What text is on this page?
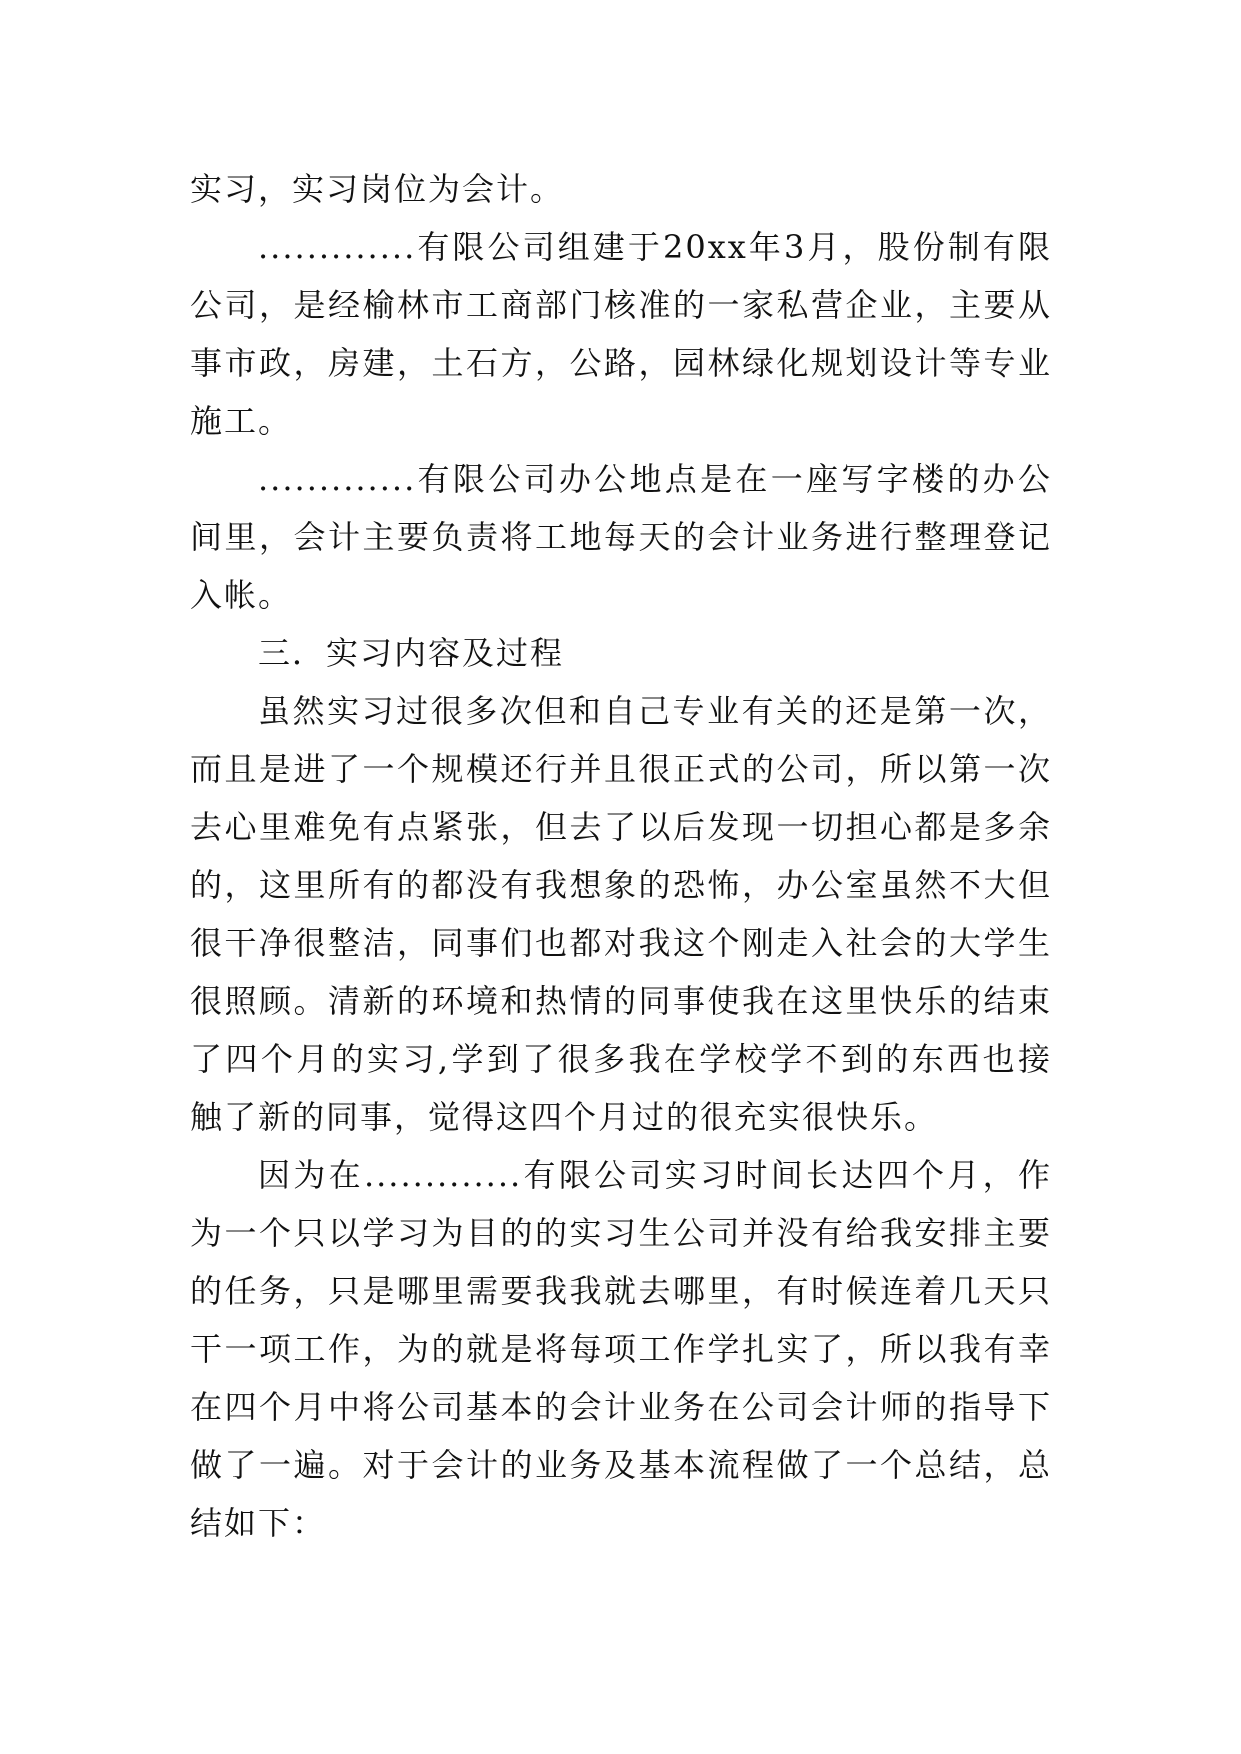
实习，实习岗位为会计。

.............有限公司组建于20xx年3月，股份制有限公司，是经榆林市工商部门核准的一家私营企业，主要从事市政，房建，土石方，公路，园林绿化规划设计等专业施工。

.............有限公司办公地点是在一座写字楼的办公间里，会计主要负责将工地每天的会计业务进行整理登记入帐。

三．实习内容及过程

虽然实习过很多次但和自己专业有关的还是第一次，而且是进了一个规模还行并且很正式的公司，所以第一次去心里难免有点紧张，但去了以后发现一切担心都是多余的，这里所有的都没有我想象的恐怖，办公室虽然不大但很干净很整洁，同事们也都对我这个刚走入社会的大学生很照顾。清新的环境和热情的同事使我在这里快乐的结束了四个月的实习,学到了很多我在学校学不到的东西也接触了新的同事，觉得这四个月过的很充实很快乐。

因为在.............有限公司实习时间长达四个月，作为一个只以学习为目的的实习生公司并没有给我安排主要的任务，只是哪里需要我我就去哪里，有时候连着几天只干一项工作，为的就是将每项工作学扎实了，所以我有幸在四个月中将公司基本的会计业务在公司会计师的指导下做了一遍。对于会计的业务及基本流程做了一个总结，总结如下：
